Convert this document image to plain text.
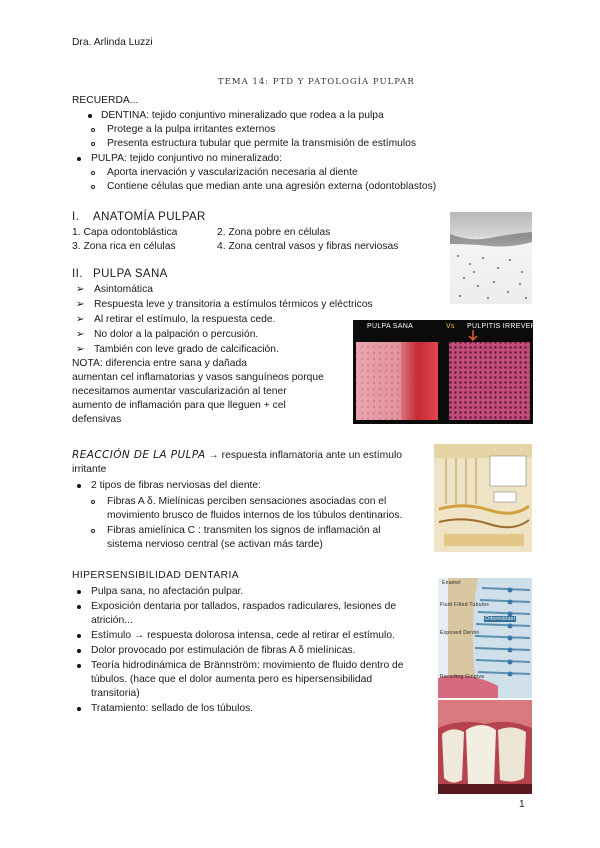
Dra. Arlinda Luzzi
TEMA 14: PTD Y PATOLOGÍA PULPAR
RECUERDA...
DENTINA: tejido conjuntivo mineralizado que rodea a la pulpa
Protege a la pulpa irritantes externos
Presenta estructura tubular que permite la transmisión de estímulos
PULPA: tejido conjuntivo no mineralizado:
Aporta inervación y vascularización necesaria al diente
Contiene células que median ante una agresión externa (odontoblastos)
I. ANATOMÍA PULPAR
1. Capa odontoblástica	2. Zona pobre en células
3. Zona rica en células	4. Zona central vasos y fibras nerviosas
II. PULPA SANA
➢ Asintomática
➢ Respuesta leve y transitoria a estímulos térmicos y eléctricos
➢ Al retirar el estímulo, la respuesta cede.
➢ No dolor a la palpación o percusión.
➢ También con leve grado de calcificación.
NOTA: diferencia entre sana y dañada
aumentan cel inflamatorias y vasos sanguíneos porque
necesitamos aumentar vascularización al tener
aumento de inflamación para que lleguen + cel
defensivas
PULPA SANA	Vs PULPITIS IRREVERSIBLE
REACCIÓN DE LA PULPA → respuesta inflamatoria ante un estímulo
irritante
2 tipos de fibras nerviosas del diente:
Fibras A δ. Mielínicas perciben sensaciones asociadas con el
movimiento brusco de fluidos internos de los túbulos dentinarios.
Fibras amielínica C : transmiten los signos de inflamación al
sistema nervioso central (se activan más tarde)
HIPERSENSIBILIDAD DENTARIA
Pulpa sana, no afectación pulpar.
Exposición dentaria por tallados, raspados radiculares, lesiones de
atrición...
Estímulo → respuesta dolorosa intensa, cede al retirar el estímulo.
Dolor provocado por estimulación de fibras A δ mielínicas.
Teoría hidrodinámica de Brännström: movimiento de fluido dentro de
túbulos. (hace que el dolor aumenta pero es hipersensibilidad
transitoria)
Tratamiento: sellado de los túbulos.
Enamel
Fluid Filled Tubules
Odontoblast
Exposed Dentin
Receding Gingiva
1
